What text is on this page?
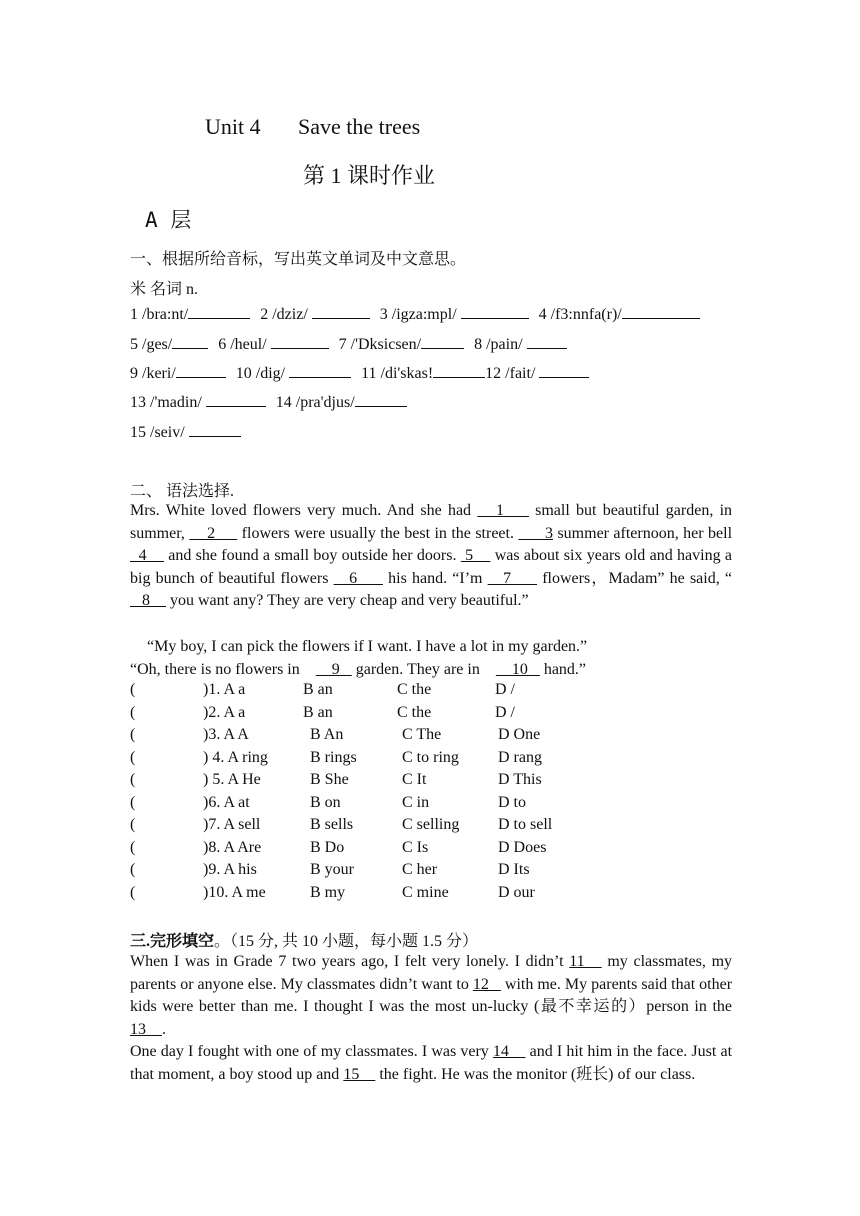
Unit 4 Save the trees
第 1 课时作业
A 层
一、根据所给音标，写出英文单词及中文意思。
米 名词 n.
1 /bra:nt/	2 /dziz/	3 /igza:mpl/	4 /f3:nnfa(r)/
5 /ges/	6 /heul/	7 /'Dksicsen/	8 /pain/
9 /keri/	10 /dig/	11 /di'skas!	12 /fait/
13 /'madin/	14 /pra'djus/
15 /seiv/
二、 语法选择.
Mrs. White loved flowers very much. And she had    1     small but beautiful garden, in summer,     2      flowers were usually the best in the street.       3 summer afternoon, her bell   4     and she found a small boy outside her doors.  5     was about six years old and having a big bunch of beautiful flowers    6      his hand. “I’m    7      flowers，Madam” he said, “    8     you want any? They are very cheap and very beautiful.”
“My boy, I can pick the flowers if I want. I have a lot in my garden.”
“Oh, there is no flowers in     9    garden. They are in     10    hand.”
(	)1. A a	B an	C the	D /
(	)2. A a	B an	C the	D /
(	)3. A A	B An	C The	D One
(	) 4. A ring	B rings	C to ring D rang
(	) 5. A He	B She	C It	D This
(	)6. A at	B on	C in	D to
(	)7. A sell	B sells	C selling D to sell
(	)8. A Are	B Do	C Is	D Does
(	)9. A his	B your	C her	D Its
(	)10. A me	B my	C mine	D our
三.完形填空。（15 分, 共 10 小题，每小题 1.5 分）
When I was in Grade 7 two years ago, I felt very lonely. I didn’t 11    my classmates, my parents or anyone else. My classmates didn’t want to 12    with me. My parents said that other kids were better than me. I thought I was the most un-lucky (最不幸运的）person in the 13    .
One day I fought with one of my classmates. I was very 14     and I hit him in the face. Just at that moment, a boy stood up and 15     the fight. He was the monitor (班长) of our class.
